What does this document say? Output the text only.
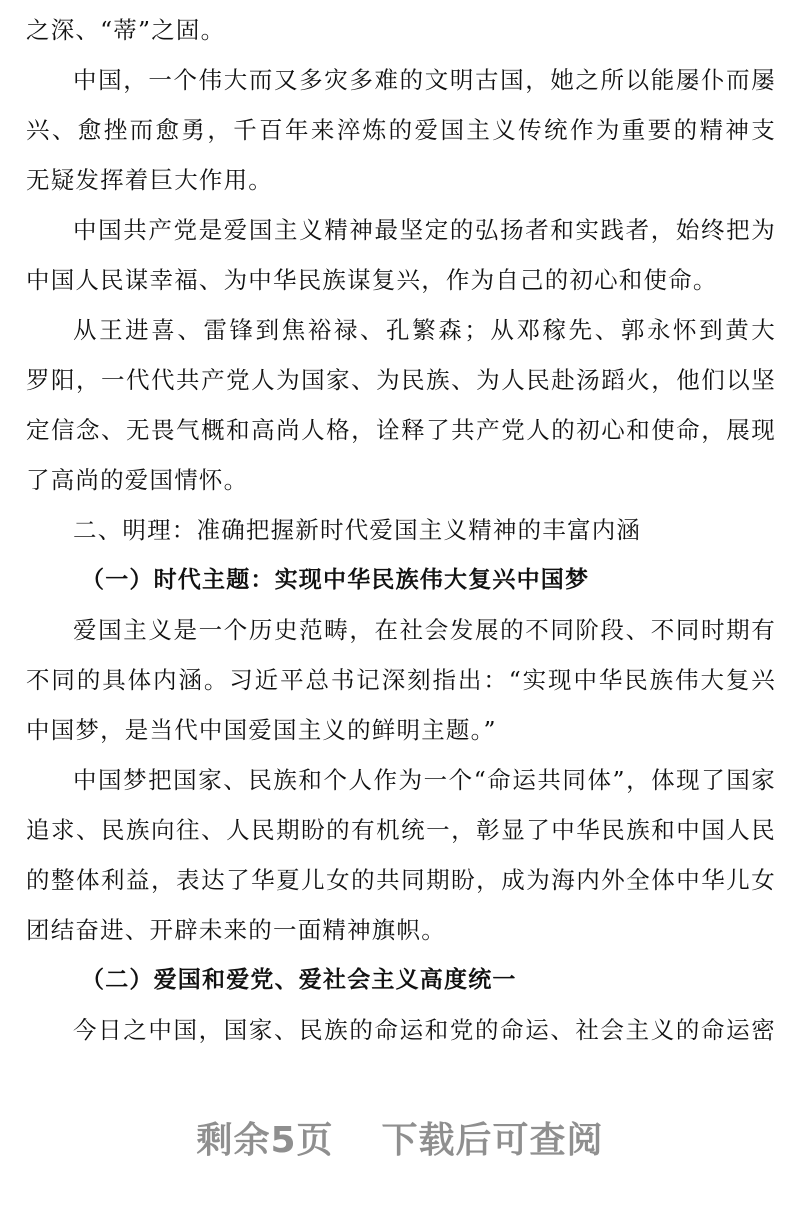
之深、“蒂”之固。
中国，一个伟大而又多灾多难的文明古国，她之所以能屡仆而屡
兴、愈挫而愈勇，千百年来淬炼的爱国主义传统作为重要的精神支
无疑发挥着巨大作用。
中国共产党是爱国主义精神最坚定的弘扬者和实践者，始终把为
中国人民谋幸福、为中华民族谋复兴，作为自己的初心和使命。
从王进喜、雷锋到焦裕禄、孔繁森；从邓稼先、郭永怀到黄大
罗阳，一代代共产党人为国家、为民族、为人民赴汤蹈火，他们以坚
定信念、无畏气概和高尚人格，诠释了共产党人的初心和使命，展现
了高尚的爱国情怀。
二、明理：准确把握新时代爱国主义精神的丰富内涵
（一）时代主题：实现中华民族伟大复兴中国梦
爱国主义是一个历史范畴，在社会发展的不同阶段、不同时期有
不同的具体内涵。习近平总书记深刻指出：“实现中华民族伟大复兴
中国梦，是当代中国爱国主义的鲜明主题。”
中国梦把国家、民族和个人作为一个“命运共同体”，体现了国家
追求、民族向往、人民期盼的有机统一，彰显了中华民族和中国人民
的整体利益，表达了华夏儿女的共同期盼，成为海内外全体中华儿女
团结奋进、开辟未来的一面精神旗帜。
（二）爱国和爱党、爱社会主义高度统一
今日之中国，国家、民族的命运和党的命运、社会主义的命运密
剩余5页 下载后可查阅
